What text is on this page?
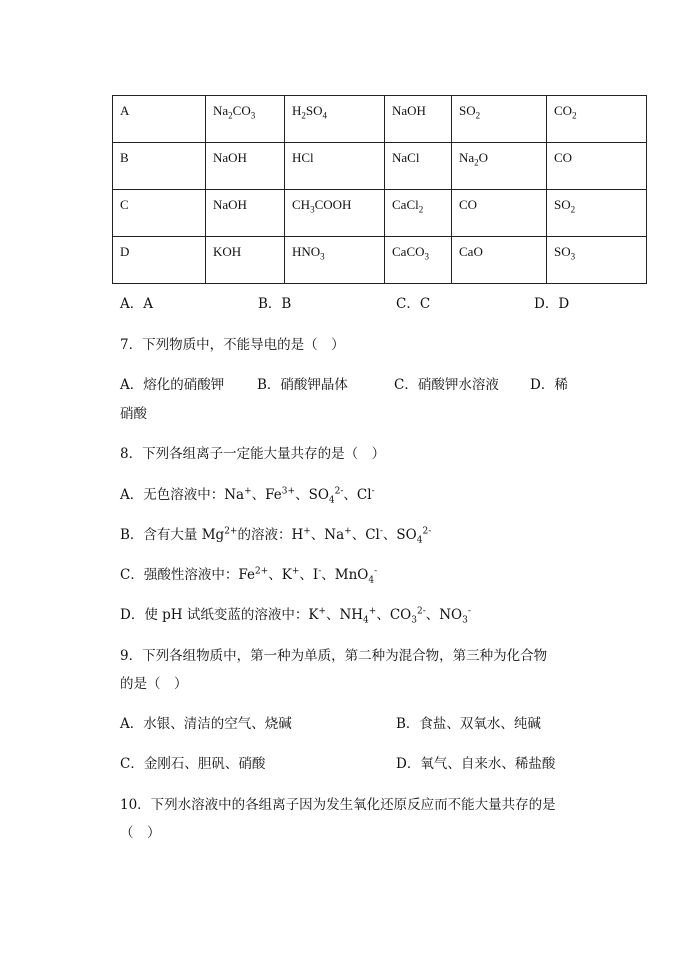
A	$Na_2CO_3$	$H_2SO_4$	NaOH	$SO_2$	$CO_2$
B	NaOH	HCl	NaCl	$Na_2O$	CO
C	NaOH	$CH_3COOH$	CaCl$_2$	CO	$SO_2$
D	KOH	$HNO_3$	CaCO$_3$	CaO	$SO_3$
A．A	B．B	C．C	D．D
7．下列物质中，不能导电的是（　）
A．熔化的硝酸钾 B．硝酸钾晶体	C．硝酸钾水溶液 D．稀
硝酸
8．下列各组离子一定能大量共存的是（　）
A．无色溶液中：Na+、$Fe^{3+}$、$SO_4^{2-}$、Cl-
B．含有大量 $Mg^{2+}$的溶液：H+、Na+、Cl-、$SO_4^{2-}$
C．强酸性溶液中：$Fe^{2+}$、K+、I-、MnO$_4$-
D．使 pH 试纸变蓝的溶液中：K+、$NH_4^+$、$CO_3^{2-}$、$NO_3^-$
9．下列各组物质中，第一种为单质，第二种为混合物，第三种为化合物
的是（　）
A．水银、清洁的空气、烧碱	B．食盐、双氧水、纯碱
C．金刚石、胆矾、硝酸	D．氧气、自来水、稀盐酸
10．下列水溶液中的各组离子因为发生氧化还原反应而不能大量共存的是
（　）
